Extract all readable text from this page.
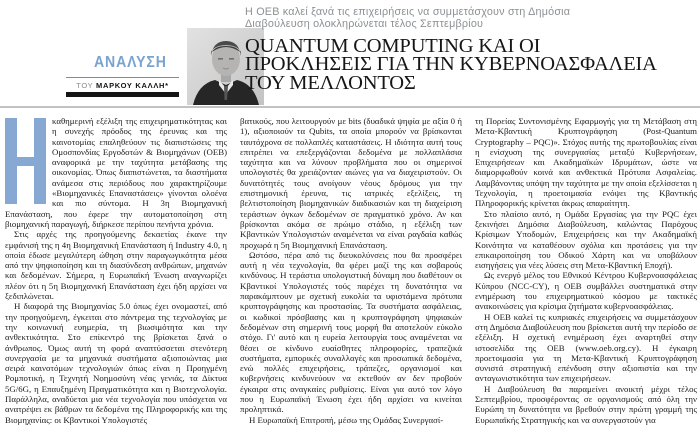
ΑΝΑΛΥΣΗ
ΤΟΥ ΜΑΡΚΟΥ ΚΑΛΛΗ*
Η ΟΕΒ καλεί ξανά τις επιχειρήσεις να συμμετάσχουν στη Δημόσια
Διαβούλευση ολοκληρώνεται τέλος Σεπτεμβρίου
QUANTUM COMPUTING ΚΑΙ ΟΙ
ΠΡΟΚΛΗΣΕΙΣ ΓΙΑ ΤΗΝ ΚΥΒΕΡΝΟΑΣΦΑΛΕΙΑ
ΤΟΥ ΜΕΛΛΟΝΤΟΣ

καθημερινή εξέλιξη της επιχειρηματικότητας και η συνεχής πρόοδος της έρευνας και της καινοτομίας επαληθεύουν τις διαπιστώσεις της Ομοσπονδίας Εργοδοτών & Βιομηχάνων (ΟΕΒ) αναφορικά με την ταχύτητα μετάβασης της οικονομίας. Όπως διαπιστώνεται, τα διαστήματα ανάμεσα στις περιόδους που χαρακτηρίζουμε «Βιομηχανικές Επαναστάσεις» γίνονται ολοένα και πιο σύντομα. Η 3η Βιομηχανική Επανάσταση, που έφερε την αυτοματοποίηση στη βιομηχανική παραγωγή, διήρκεσε περίπου πενήντα χρόνια.

Στις αρχές της προηγούμενης δεκαετίας έκανε την εμφάνισή της η 4η Βιομηχανική Επανάσταση ή Industry 4.0, η οποία έδωσε μεγαλύτερη ώθηση στην παραγωγικότητα μέσα από την ψηφιοποίηση και τη διασύνδεση ανθρώπων, μηχανών και δεδομένων. Σήμερα, η Ευρωπαϊκή Ένωση αναγνωρίζει πλέον ότι η 5η Βιομηχανική Επανάσταση έχει ήδη αρχίσει να ξεδιπλώνεται.

Η διαφορά της Βιομηχανίας 5.0 όπως έχει ονομαστεί, από την προηγούμενη, έγκειται στο πάντρεμα της τεχνολογίας με την κοινωνική ευημερία, τη βιωσιμότητα και την ανθεκτικότητα. Στο επίκεντρό της βρίσκεται ξανά ο άνθρωπος. Όμως αυτή τη φορά αναπτύσσεται στενότερη συνεργασία με τα μηχανικά συστήματα αξιοποιώντας μια σειρά καινοτόμων τεχνολογιών όπως είναι η Προηγμένη Ρομποτική, η Τεχνητή Νοημοσύνη νέας γενιάς, τα Δίκτυα 5G/6G, η Επαυξημένη Πραγματικότητα και η Βιοτεχνολογία. Παράλληλα, αναδύεται μια νέα τεχνολογία που υπόσχεται να ανατρέψει εκ βάθρων τα δεδομένα της Πληροφορικής και της Βιομηχανίας: οι Κβαντικοί Υπολογιστές

βατικούς, που λειτουργούν με bits (δυαδικά ψηφία με αξία 0 ή 1), αξιοποιούν τα Qubits, τα οποία μπορούν να βρίσκονται ταυτόχρονα σε πολλαπλές καταστάσεις. Η ιδιότητα αυτή τους επιτρέπει να επεξεργάζονται δεδομένα με πολλαπλάσια ταχύτητα και να λύνουν προβλήματα που οι σημερινοί υπολογιστές θα χρειάζονταν αιώνες για να διαχειριστούν. Οι δυνατότητές τους ανοίγουν νέους δρόμους για την επιστημονική έρευνα, τις ιατρικές εξελίξεις, τη βελτιστοποίηση βιομηχανικών διαδικασιών και τη διαχείριση τεράστιων όγκων δεδομένων σε πραγματικό χρόνο. Αν και βρίσκονται ακόμα σε πρώιμο στάδιο, η εξέλιξη των Κβαντικών Υπολογιστών αναμένεται να είναι ραγδαία καθώς προχωρά η 5η Βιομηχανική Επανάσταση.

Ωστόσο, πέρα από τις διευκολύνσεις που θα προσφέρει αυτή η νέα τεχνολογία, θα φέρει μαζί της και σοβαρούς κινδύνους. Η τεράστια υπολογιστική δύναμη που διαθέτουν οι Κβαντικοί Υπολογιστές τούς παρέχει τη δυνατότητα να παρακάμπτουν με σχετική ευκολία τα υφιστάμενα πρότυπα κρυπτογράφησης και προστασίας. Τα συστήματα ασφάλειας, οι κωδικοί πρόσβασης και η κρυπτογράφηση ψηφιακών δεδομένων στη σημερινή τους μορφή θα αποτελούν εύκολο στόχο. Γι' αυτό και η ευρεία λειτουργία τους αναμένεται να θέσει σε κίνδυνο ευαίσθητες πληροφορίες, τραπεζικά συστήματα, εμπορικές συναλλαγές και προσωπικά δεδομένα, ενώ πολλές επιχειρήσεις, τράπεζες, οργανισμοί και κυβερνήσεις κινδυνεύουν να εκτεθούν αν δεν προβούν έγκαιρα στις αναγκαίες ρυθμίσεις. Είναι για αυτό τον λόγο που η Ευρωπαϊκή Ένωση έχει ήδη αρχίσει να κινείται προληπτικά.

Η Ευρωπαϊκή Επιτροπή, μέσω της Ομάδας Συνεργασί-

τη Πορείας Συντονισμένης Εφαρμογής για τη Μετάβαση στη Μετα-Κβαντική Κρυπτογράφηση (Post-Quantum Cryptography – PQC)». Στόχος αυτής της πρωτοβουλίας είναι η ενίσχυση της συνεργασίας μεταξύ Κυβερνήσεων, Επιχειρήσεων και Ακαδημαϊκών Ιδρυμάτων, ώστε να διαμορφωθούν κοινά και ανθεκτικά Πρότυπα Ασφαλείας. Λαμβάνοντας υπόψη την ταχύτητα με την οποία εξελίσσεται η Τεχνολογία, η προετοιμασία ενόψει της Κβαντικής Πληροφορικής κρίνεται άκρως απαραίτητη.

Στο πλαίσιο αυτό, η Ομάδα Εργασίας για την PQC έχει ξεκινήσει Δημόσια Διαβούλευση, καλώντας Παρόχους Κρίσιμων Υποδομών, Επιχειρήσεις και την Ακαδημαϊκή Κοινότητα να καταθέσουν σχόλια και προτάσεις για την επικαιροποίηση του Οδικού Χάρτη και να υποβάλουν εισηγήσεις για νέες λύσεις στη Μετα-Κβαντική Εποχή).

Ως ενεργό μέλος του Εθνικού Κέντρου Κυβερνοασφάλειας Κύπρου (NCC-CY), η ΟΕΒ συμβάλλει συστηματικά στην ενημέρωση του επιχειρηματικού κόσμου με τακτικές ανακοινώσεις για κρίσιμα ζητήματα κυβερνοασφάλειας.

Η ΟΕΒ καλεί τις κυπριακές επιχειρήσεις να συμμετάσχουν στη Δημόσια Διαβούλευση που βρίσκεται αυτή την περίοδο σε εξέλιξη. Η σχετική ενημέρωση έχει αναρτηθεί στην ιστοσελίδα της ΟΕΒ (www.oeb.org.cy). Η έγκαιρη προετοιμασία για τη Μετα-Κβαντική Κρυπτογράφηση συνιστά στρατηγική επένδυση στην αξιοπιστία και την ανταγωνιστικότητα των επιχειρήσεων.

Η Διαβούλευση θα παραμείνει ανοικτή μέχρι τέλος Σεπτεμβρίου, προσφέροντας σε οργανισμούς από όλη την Ευρώπη τη δυνατότητα να βρεθούν στην πρώτη γραμμή της Ευρωπαϊκής Στρατηγικής και να συνεργαστούν για
